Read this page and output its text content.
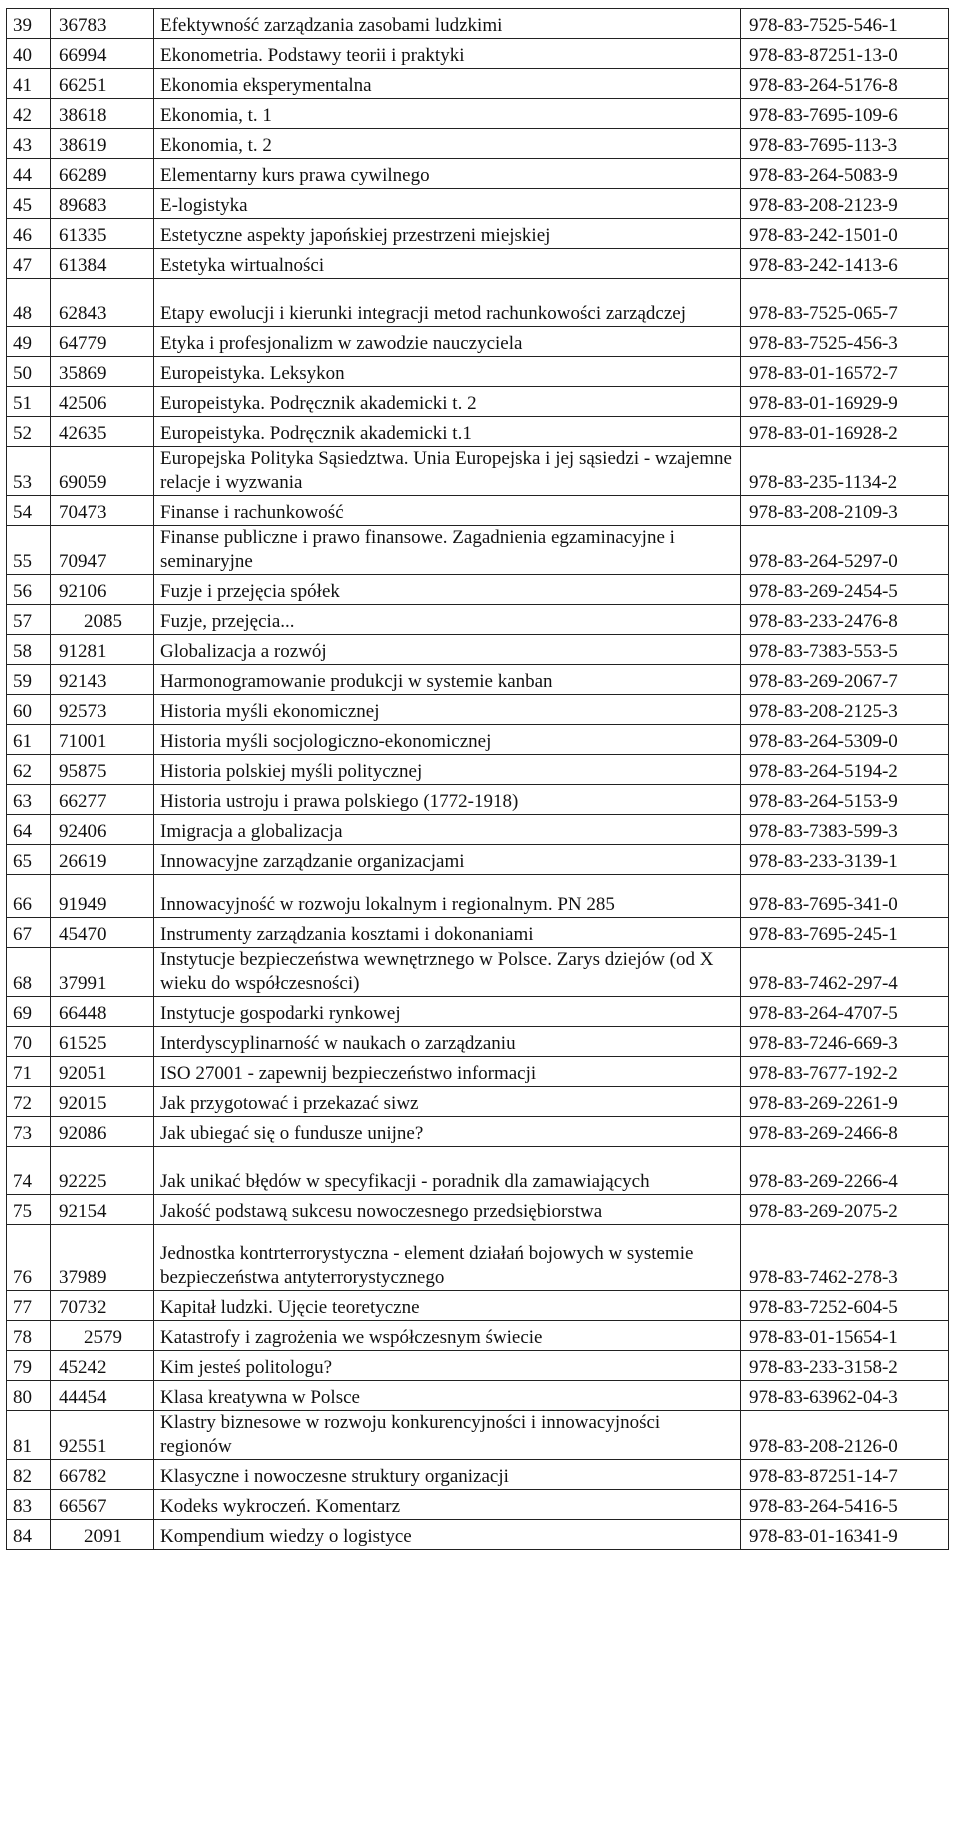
39	36783	Efektywność zarządzania zasobami ludzkimi	978-83-7525-546-1
40	66994	Ekonometria. Podstawy teorii i praktyki	978-83-87251-13-0
41	66251	Ekonomia eksperymentalna	978-83-264-5176-8
42	38618	Ekonomia, t. 1	978-83-7695-109-6
43	38619	Ekonomia, t. 2	978-83-7695-113-3
44	66289	Elementarny kurs prawa cywilnego	978-83-264-5083-9
45	89683	E-logistyka	978-83-208-2123-9
46	61335	Estetyczne aspekty japońskiej przestrzeni miejskiej	978-83-242-1501-0
47	61384	Estetyka wirtualności	978-83-242-1413-6
48	62843	Etapy ewolucji i kierunki integracji metod rachunkowości zarządczej	978-83-7525-065-7
49	64779	Etyka i profesjonalizm w zawodzie nauczyciela	978-83-7525-456-3
50	35869	Europeistyka. Leksykon	978-83-01-16572-7
51	42506	Europeistyka. Podręcznik akademicki t. 2	978-83-01-16929-9
52	42635	Europeistyka. Podręcznik akademicki t.1	978-83-01-16928-2
53	69059	Europejska Polityka Sąsiedztwa. Unia Europejska i jej sąsiedzi - wzajemne relacje i wyzwania	978-83-235-1134-2
54	70473	Finanse i rachunkowość	978-83-208-2109-3
55	70947	Finanse publiczne i prawo finansowe. Zagadnienia egzaminacyjne i seminaryjne	978-83-264-5297-0
56	92106	Fuzje i przejęcia spółek	978-83-269-2454-5
57	2085	Fuzje, przejęcia...	978-83-233-2476-8
58	91281	Globalizacja a rozwój	978-83-7383-553-5
59	92143	Harmonogramowanie produkcji w systemie kanban	978-83-269-2067-7
60	92573	Historia myśli ekonomicznej	978-83-208-2125-3
61	71001	Historia myśli socjologiczno-ekonomicznej	978-83-264-5309-0
62	95875	Historia polskiej myśli politycznej	978-83-264-5194-2
63	66277	Historia ustroju i prawa polskiego (1772-1918)	978-83-264-5153-9
64	92406	Imigracja a globalizacja	978-83-7383-599-3
65	26619	Innowacyjne zarządzanie organizacjami	978-83-233-3139-1
66	91949	Innowacyjność w rozwoju lokalnym i regionalnym. PN 285	978-83-7695-341-0
67	45470	Instrumenty zarządzania kosztami i dokonaniami	978-83-7695-245-1
68	37991	Instytucje bezpieczeństwa wewnętrznego w Polsce. Zarys dziejów (od X wieku do współczesności)	978-83-7462-297-4
69	66448	Instytucje gospodarki rynkowej	978-83-264-4707-5
70	61525	Interdyscyplinarność w naukach o zarządzaniu	978-83-7246-669-3
71	92051	ISO 27001 - zapewnij bezpieczeństwo informacji	978-83-7677-192-2
72	92015	Jak przygotować i przekazać siwz	978-83-269-2261-9
73	92086	Jak ubiegać się o fundusze unijne?	978-83-269-2466-8
74	92225	Jak unikać błędów w specyfikacji - poradnik dla zamawiających	978-83-269-2266-4
75	92154	Jakość podstawą sukcesu nowoczesnego przedsiębiorstwa	978-83-269-2075-2
76	37989	Jednostka kontrterrorystyczna - element działań bojowych w systemie bezpieczeństwa antyterrorystycznego	978-83-7462-278-3
77	70732	Kapitał ludzki. Ujęcie teoretyczne	978-83-7252-604-5
78	2579	Katastrofy i zagrożenia we współczesnym świecie	978-83-01-15654-1
79	45242	Kim jesteś politologu?	978-83-233-3158-2
80	44454	Klasa kreatywna w Polsce	978-83-63962-04-3
81	92551	Klastry biznesowe w rozwoju konkurencyjności i innowacyjności regionów	978-83-208-2126-0
82	66782	Klasyczne i nowoczesne struktury organizacji	978-83-87251-14-7
83	66567	Kodeks wykroczeń. Komentarz	978-83-264-5416-5
84	2091	Kompendium wiedzy o logistyce	978-83-01-16341-9
